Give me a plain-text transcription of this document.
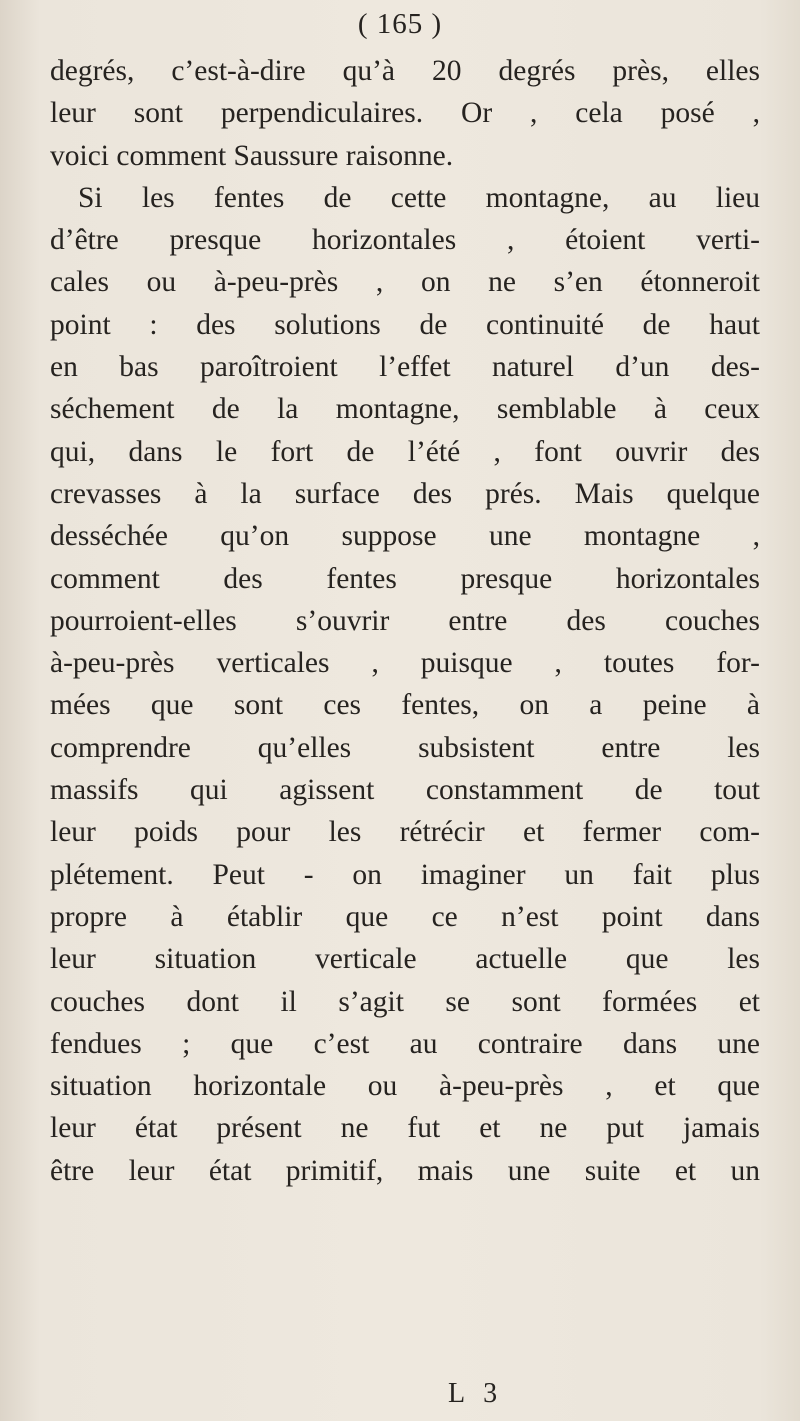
( 165 )
degrés, c’est-à-dire qu’à 20 degrés près, elles
leur sont perpendiculaires. Or , cela posé ,
voici comment Saussure raisonne.
Si les fentes de cette montagne, au lieu
d’être presque horizontales , étoient verti-
cales ou à-peu-près , on ne s’en étonneroit
point : des solutions de continuité de haut
en bas paroîtroient l’effet naturel d’un des-
séchement de la montagne, semblable à ceux
qui, dans le fort de l’été , font ouvrir des
crevasses à la surface des prés. Mais quelque
desséchée qu’on suppose une montagne ,
comment des fentes presque horizontales
pourroient-elles s’ouvrir entre des couches
à-peu-près verticales , puisque , toutes for-
mées que sont ces fentes, on a peine à
comprendre qu’elles subsistent entre les
massifs qui agissent constamment de tout
leur poids pour les rétrécir et fermer com-
plétement. Peut - on imaginer un fait plus
propre à établir que ce n’est point dans
leur situation verticale actuelle que les
couches dont il s’agit se sont formées et
fendues ; que c’est au contraire dans une
situation horizontale ou à-peu-près , et que
leur état présent ne fut et ne put jamais
être leur état primitif, mais une suite et un
L 3
